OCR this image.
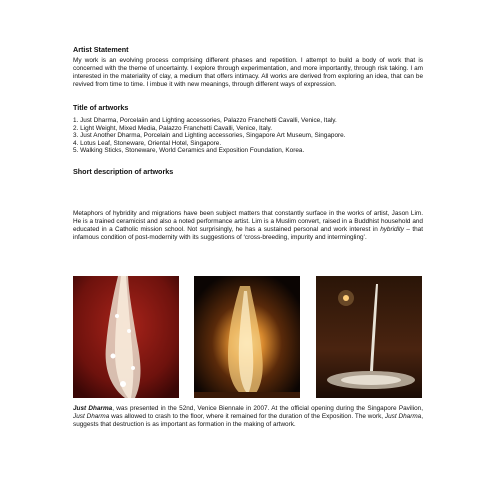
Artist Statement
My work is an evolving process comprising different phases and repetition. I attempt to build a body of work that is concerned with the theme of uncertainty. I explore through experimentation, and more importantly, through risk taking. I am interested in the materiality of clay, a medium that offers intimacy. All works are derived from exploring an idea, that can be revived from time to time. I imbue it with new meanings, through different ways of expression.
Title of artworks
1. Just Dharma, Porcelaiin and Lighting accessories, Palazzo Franchetti Cavalli, Venice, Italy.
2. Light Weight, Mixed Media, Palazzo Franchetti Cavalli, Venice, Italy.
3. Just Another Dharma, Porcelain and Lighting accessories, Singapore Art Museum, Singapore.
4. Lotus Leaf, Stoneware, Oriental Hotel, Singapore.
5. Walking Sticks, Stoneware, World Ceramics and Exposition Foundation, Korea.
Short description of artworks
Metaphors of hybridity and migrations have been subject matters that constantly surface in the works of artist, Jason Lim. He is a trained ceramicist and also a noted performance artist. Lim is a Muslim convert, raised in a Buddhist household and educated in a Catholic mission school. Not surprisingly, he has a sustained personal and work interest in hybridity – that infamous condition of post-modernity with its suggestions of ‘cross-breeding, impurity and intermingling’.
Just Dharma, was presented in the 52nd, Venice Biennale in 2007. At the official opening during the Singapore Pavilion, Just Dharma was allowed to crash to the floor, where it remained for the duration of the Exposition. The work, Just Dharma, suggests that destruction is as important as formation in the making of artwork.
